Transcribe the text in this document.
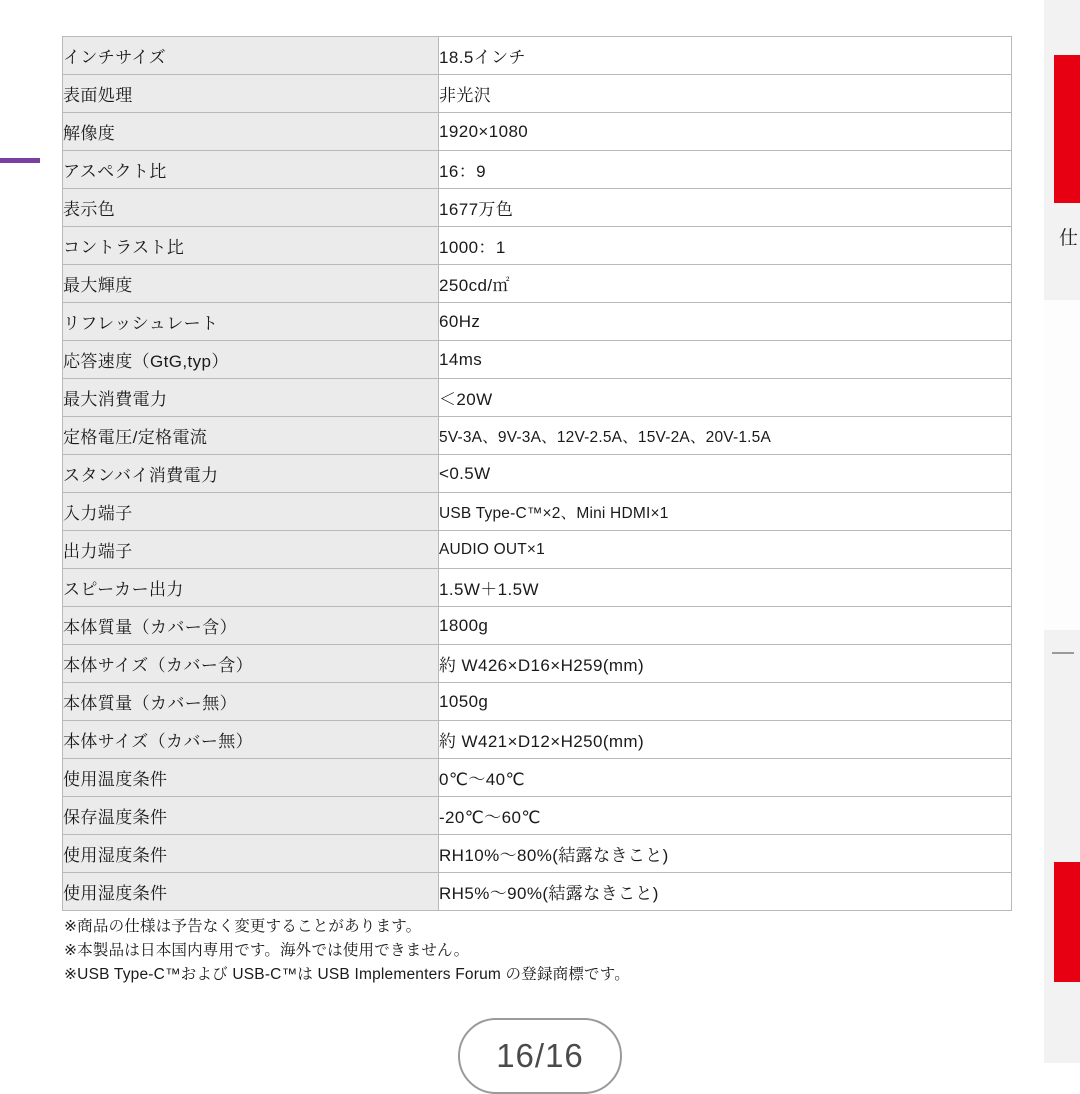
仕
インチサイズ	18.5インチ
表面処理	非光沢
解像度	1920×1080
アスペクト比	16：9
表示色	1677万色
コントラスト比	1000：1
最大輝度	250cd/㎡
リフレッシュレート	60Hz
応答速度（GtG,typ）	14ms
最大消費電力	＜20W
定格電圧/定格電流	5V-3A、9V-3A、12V-2.5A、15V-2A、20V-1.5A
スタンバイ消費電力	<0.5W
入力端子	USB Type-C™×2、Mini HDMI×1
出力端子	AUDIO OUT×1
スピーカー出力	1.5W＋1.5W
本体質量（カバー含）	1800g
本体サイズ（カバー含）	約 W426×D16×H259(mm)
本体質量（カバー無）	1050g
本体サイズ（カバー無）	約 W421×D12×H250(mm)
使用温度条件	0℃～40℃
保存温度条件	-20℃～60℃
使用湿度条件	RH10%～80%(結露なきこと)
使用湿度条件	RH5%～90%(結露なきこと)
※商品の仕様は予告なく変更することがあります。
※本製品は日本国内専用です。海外では使用できません。
※USB Type-C™および USB-C™は USB Implementers Forum の登録商標です。
16/16
